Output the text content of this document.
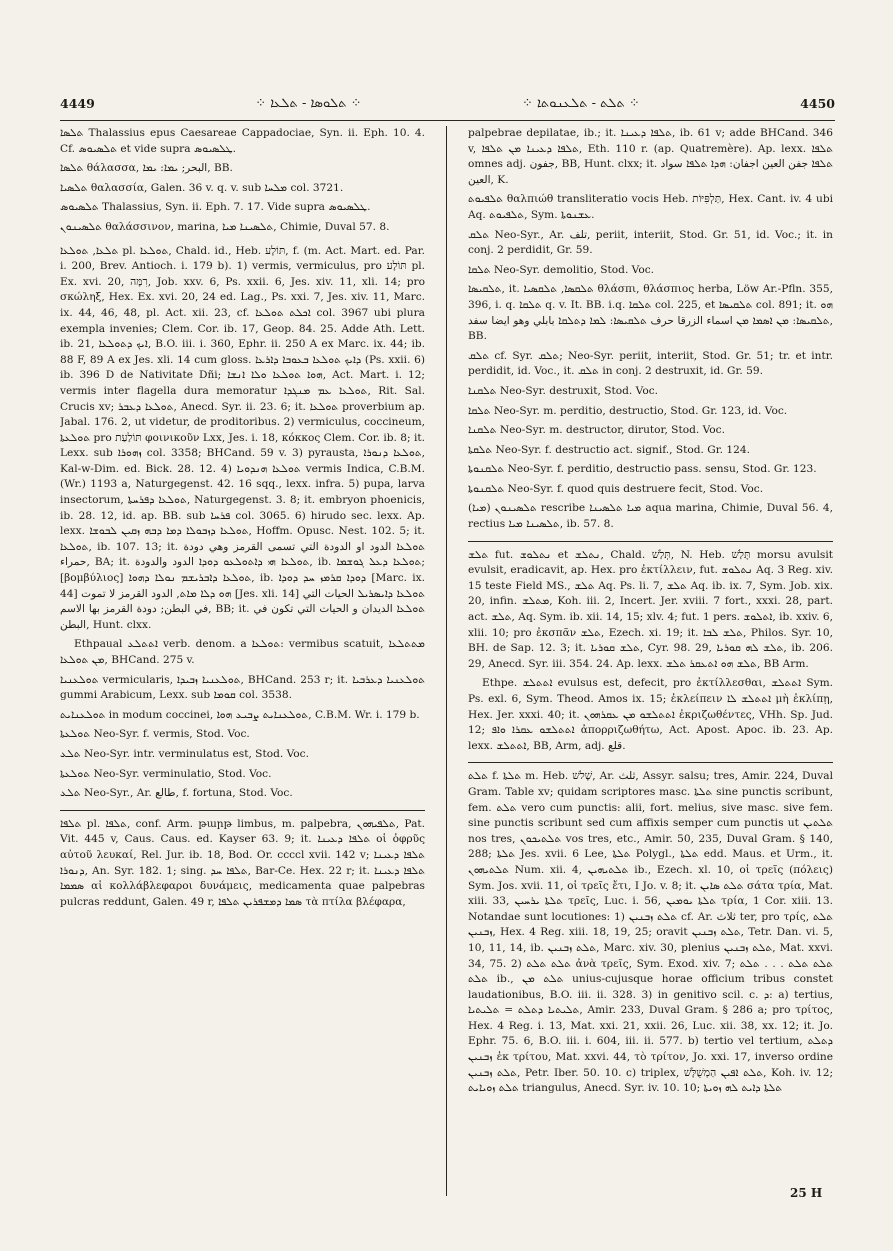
4449	⁘ ܬܠܘܣܐ - ܬܠܥܐ ⁘	⁘ ܬܠܬ - ܬܠܥܢܘܬܐ ⁘	4450

ܬܠܣܐ Thalassius epus Caesareae Cappadociae, Syn. ii. Eph. 10. 4. Cf. ܬܠܣܝܘܣ et vide supra ܛܠܣܝܘܣ.

ܬܠܣܐ θάλασσα, البحر; ܝܡܐ: ܝܡܐ, BB.

ܬܠܣܝܐ θαλασσία, Galen. 36 v. q. v. sub ܡܠܚܐ col. 3721.

ܬܠܣܝܘܣ Thalassius, Syn. ii. Eph. 7. 17. Vide supra ܛܠܣܝܘܣ.

ܬܠܣܝܢܘܢ θαλάσσινον, marina, ܬܠܣܝܢܐ ܡܝܐ, Chimie, Duval 57. 8.

ܬܠܥܐ, ܬܘܠܥܐ pl. ܬܘܠܥܐ, Chald. id., Heb. תּוֹלָע, f. (m. Act. Mart. ed. Par. i. 200, Brev. Antioch. i. 179 b). 1) vermis, vermiculus, pro תּוֹלָע pl. Ex. xvi. 20, רִמָּה, Job. xxv. 6, Ps. xxii. 6, Jes. xiv. 11, xli. 14; pro σκώληξ, Hex. Ex. xvi. 20, 24 ed. Lag., Ps. xxi. 7, Jes. xiv. 11, Marc. ix. 44, 46, 48, pl. Act. xii. 23, cf. ܐܟܠܬ ܬܘܠܥܐ col. 3967 ubi plura exempla invenies; Clem. Cor. ib. 17, Geop. 84. 25. Adde Ath. Lett. ib. 21, ܐܝܟ ܕܬܘܠܥܐ, B.O. iii. i. 360, Ephr. ii. 250 A ex Marc. ix. 44; ib. 88 F, 89 A ex Jes. xli. 14 cum gloss. ܕܐܝܟ ܬܘܠܥܐ ܒܥܘܒܐ ܕܐܪܥܐ (Ps. xxii. 6) ib. 396 D de Nativitate Dñi; ܗܘܐ ܬܘܠܥܐ ܘܠܐ ܐܢܫܐ, Act. Mart. i. 12; vermis inter flagella dura memoratur ܬܘܠܥܐ ܥܡ ܡܢܓܕܐ, Rit. Sal. Crucis xv; ܬܘܠܥܐ ܕܥܒܪ, Anecd. Syr. ii. 23. 6; it. ܬܘܠܥܐ proverbium ap. Jabal. 176. 2, ut videtur, de proditoribus. 2) vermiculus, coccineum, ܬܘܠܥܬܐ pro תּוֹלַעַת φοινικοῦν Lxx, Jes. i. 18, κόκκος Clem. Cor. ib. 8; it. Lexx. sub ܙܗܘܪܐ col. 3358; BHCand. 59 v. 3) pyrausta, ܬܘܠܥܐ ܕܢܘܪܐ, Kal-w-Dim. ed. Bick. 28. 12. 4) ܬܘܠܥܐ ܗܢܕܘܝܐ vermis Indica, C.B.M. (Wr.) 1193 a, Naturgegenst. 42. 16 sqq., lexx. infra. 5) pupa, larva insectorum, ܬܘܠܥܐ ܕܦܪܚܬܐ, Naturgegenst. 3. 8; it. embryon phoenicis, ib. 28. 12, id. ap. BB. sub ܦܪܚܐ col. 3065. 6) hirudo sec. lexx. Ap. lexx. ܬܘܠܥܐ ܕܙܒܘܠܐ ܕܡܐ ܕܒܗ ܙܩܝܢ ܠܒܘܫܐ, Hoffm. Opusc. Nest. 102. 5; it. ܬܘܠܥܐ, ib. 107. 13; it. ܬܘܠܥܐ الدود او الدودة التي تسمى القرمز وهي دودة حمراء, BA; it. ܬܘܠܥܐ ܗܝ ܕܐܬܘܠܥܘ ܕܘܕܐ الدود والدودة, ib. ܬܘܠܥܐ ܕܥܠ ܓܘܫܡܐ; [βομβύλιος] ܬܘܠܥܐ ܕܐܒܪܝܫܡ ܢܘܠܐ ܕܗܘܐ, ib. ܕܘܕܐ ܩܪܡܙ ܚܕ ܕܘܕܐ [Marc. ix. 44] ܗܘ ܕܠܐ ܡܐܬ, الدود القرمز لا تموت [Jes. xli. 14] ܬܘܠܥܐ ܕܐܝܣܪܝܠ الحيات التي في البطن; دودة القرمز بها الاسم, BB; it. ܬܘܠܥܐ الديدان و الحيات التي تكون في البطن, Hunt. clxx.

Ethpaual ܐܬܬܠܥ verb. denom. a ܬܘܠܥܐ: vermibus scatuit, ܡܬܬܠܥܐ ܡܢ ܬܘܠܥܐ, BHCand. 275 v.

ܬܘܠܥܢܝܐ vermicularis, ܬܘܠܥܢܝܐ ܙܒܝܕܐ, BHCand. 253 r; it. ܬܘܠܥܢܝܐ ܕܥܪܒܝܐ gummi Arabicum, Lexx. sub ܩܘܡܐ col. 3538.

ܬܘܠܥܢܐܝܬ in modum coccinei, ܬܘܠܥܢܐܝܬ ܨܒܝܥ ܗܘܐ, C.B.M. Wr. i. 179 b.

ܬܘܠܥܬܐ Neo-Syr. f. vermis, Stod. Voc.

ܬܠܥ Neo-Syr. intr. verminulatus est, Stod. Voc.

ܬܘܠܥܬܐ Neo-Syr. verminulatio, Stod. Voc.

ܬܠܥ Neo-Syr., Ar. طالع, f. fortuna, Stod. Voc.

ܬܠܦܐ pl. ܬܠܦܐ, conf. Arm. թարթ limbus, m. palpebra, ܬܠܦܝܗܘܢ, Pat. Vit. 445 v, Caus. Caus. ed. Kayser 63. 9; it. ܬܠܦܐ ܕܥܝܢܐ οἱ ὀφρῦς αὐτοῦ λευκαί, Rel. Jur. ib. 18, Bod. Or. ccccl xvii. 142 v; ܬܠܦܐ ܕܥܝܢܐ ܕܢܘܪܐ, An. Syr. 182. 1; sing. ܬܠܦܐ ܚܕ, Bar-Ce. Hex. 22 r; it. ܬܠܦܐ ܕܥܝܢܐ ܣܡܡܐ αἱ κολλάβλεφαροι δυνάμεις, medicamenta quae palpebras pulcras reddunt, Galen. 49 r, ܣܡܐ ܕܡܫܦܪܝܢ ܬܠܦܐ τὰ πτίλα βλέφαρα,

palpebrae depilatae, ib.; it. ܬܠܦܐ ܕܥܝܢܐ, ib. 61 v; adde BHCand. 346 v, ܬܠܦܐ ܕܥܝܢܐ ܡܢ ܬܠܦܐ, Eth. 110 r. (ap. Quatremère). Ap. lexx. ܬܠܦܐ omnes adj. جفون, BB, Hunt. clxx; it. ܬܠܦܐ جفن العين اجفان: ܗܕܐ ܬܠܦܐ سواد العين, K.

ܬܠܦܝܘܬ θαλπιώθ transliteratio vocis Heb. תַּלְפִּיּוֹת, Hex. Cant. iv. 4 ubi Aq. ܬܠܦܝܘܬ, Sym. ܥܫܢܘܬܐ.

ܬܠܩ Neo-Syr., Ar. تلف, periit, interiit, Stod. Gr. 51, id. Voc.; it. in conj. 2 perdidit, Gr. 59.

ܬܠܩܐ Neo-Syr. demolitio, Stod. Voc.

ܬܠܩܝܣܐ, it. ܬܠܩܣܐ, ܬܠܩܣܝܐ θλάσπι, θλάσπιος herba, Löw Ar.-Pfln. 355, 396, i. q. ܬܠܩܐ q. v. It. BB. i.q. ܬܠܩܐ col. 225, et ܬܠܩܝܣܐ col. 891; it. ܗܘ ܬܠܩܝܣܐ: ܡܢ ܐܣܡܐ ܡܢ اسماء الزرقا حرف ܬܠܩܝܣܐ: ܠܡܐ ܕܬܠܩܐ بابلي وهو ايضا سفد, BB.

ܬܠܩ cf. Syr. ܬܠܩ; Neo-Syr. periit, interiit, Stod. Gr. 51; tr. et intr. perdidit, id. Voc., it. ܬܠܩ in conj. 2 destruxit, id. Gr. 59.

ܬܠܩܢܐ Neo-Syr. destruxit, Stod. Voc.

ܬܠܩܐ Neo-Syr. m. perditio, destructio, Stod. Gr. 123, id. Voc.

ܬܠܩܢܐ Neo-Syr. m. destructor, dirutor, Stod. Voc.

ܬܠܩܬܐ Neo-Syr. f. destructio act. signif., Stod. Gr. 124.

ܬܠܩܢܘܬܐ Neo-Syr. f. perditio, destructio pass. sensu, Stod. Gr. 123.

ܬܠܩܢܘܬܐ Neo-Syr. f. quod quis destruere fecit, Stod. Voc.

(ܡܝܐ) ܬܠܣܝܢܘܢ rescribe ܡܝܐ ܬܠܣܝܢܐ aqua marina, Chimie, Duval 56. 4, rectius ܬܠܣܝܢܐ ܡܝܐ, ib. 57. 8.

ܬܠܫ fut. ܢܬܠܘܫ et ܢܬܠܫ, Chald. תְּלַשׁ, N. Heb. תָּלַשׁ morsu avulsit evulsit, eradicavit, ap. Hex. pro ἐκτίλλειν, fut. ܢܬܠܘܫ Aq. 3 Reg. xiv. 15 teste Field MS., ܬܠܫ Aq. Ps. li. 7, ܬܠܫ Aq. ib. ix. 7, Sym. Job. xix. 20, infin. ܡܬܠܫ, Koh. iii. 2, Incert. Jer. xviii. 7 fort., xxxi. 28, part. act. ܬܠܫ, Aq. Sym. ib. xii. 14, 15; xlv. 4; fut. 1 pers. ܐܬܠܘܫ, ib. xxiv. 6, xlii. 10; pro ἐκσπᾶν ܬܠܫ, Ezech. xi. 19; it. ܬܠܫ ܠܒܐ, Philos. Syr. 10, BH. de Sap. 12. 3; it. ܬܠܫ ܩܘܪܝܐ, Cyr. 98. 29, ܬܠܫ ܠܗ ܩܘܪܝܐ, ib. 206. 29, Anecd. Syr. iii. 354. 24. Ap. lexx. ܬܠܫ ܗܘ ܐܬܥܩܪ ܬܠܫ, BB Arm.

Ethpe. ܐܬܬܠܫ evulsus est, defecit, pro ἐκτίλλεσθαι, ܐܬܬܠܫ Sym. Ps. exl. 6, Sym. Theod. Amos ix. 15; ἐκλείπειν ܐܬܬܠܫ ܠܐ μὴ ἐκλίπῃ, Hex. Jer. xxxi. 40; it. ܐܬܬܠܫܘ ܡܢ ܥܩܪܗܘܢ ἐκριζωθέντες, VHh. Sp. Jud. 12; ܐܬܬܠܫܘ ܥܩܪܐ ܘܐܦ ἀπορριζωθήτω, Act. Apost. Apoc. ib. 23. Ap. lexx. ܐܬܬܠܫ, BB, Arm, adj. قلع.

ܬܠܬ f. ܬܠܬܐ m. Heb. שָׁלשׁ, Ar. ثلث, Assyr. salsu; tres, Amir. 224, Duval Gram. Table xv; quidam scriptores masc. ܬܠܬܐ sine punctis scribunt, fem. ܬܠܬ vero cum punctis: alii, fort. melius, sive masc. sive fem. sine punctis scribunt sed cum affixis semper cum punctis ut ܬܠܬܝܢ nos tres, ܬܠܬܝܟܘܢ vos tres, etc., Amir. 50, 235, Duval Gram. § 140, 288; ܬܠܬܐ Jes. xvii. 6 Lee, ܬܠܬܐ Polygl., ܬܠܬܐ edd. Maus. et Urm., it. ܬܠܬܝܗܘܢ Num. xii. 4, ܬܠܬܝܗܝܢ ib., Ezech. xl. 10, οἱ τρεῖς (πόλεις) Sym. Jos. xvii. 11, οἱ τρεῖς ἔτι, I Jo. v. 8; it. ܬܠܬ ܣܐܝܢ σάτα τρία, Mat. xiii. 33, ܬܠܬܐ ܝܪܚܝܢ τρεῖς, Luc. i. 56, ܬܠܬܐ ܝܘܡܝܢ τρία, 1 Cor. xiii. 13. Notandae sunt locutiones: 1) ܬܠܬ ܙܒܢܝܢ cf. Ar. ثلاث ter, pro τρίς, ܬܠܬ ܙܒܢܝܢ, Hex. 4 Reg. xiii. 18, 19, 25; oravit ܬܠܬ ܙܒܢܝܢ, Tetr. Dan. vi. 5, 10, 11, 14, ib. ܬܠܬ ܙܒܢܝܢ, Marc. xiv. 30, plenius ܬܠܬ ܙܒܢܝܢ, Mat. xxvi. 34, 75. 2) ܬܠܬ ܬܠܬ ἀνὰ τρεῖς, Sym. Exod. xiv. 7; ܬܠܬ ܬܠܬ . . . ܬܠܬ ܬܠܬ ib., ܬܠܬ ܡܢ unius-cujusque horae officium tribus constet laudationibus, B.O. iii. ii. 328. 3) in genitivo scil. c. ܕ: a) tertius, ܬܠܝܬܝܐ ܕܬܠܬ = ܬܠܝܬܝܐ, Amir. 233, Duval Gram. § 286 a; pro τρίτος, Hex. 4 Reg. i. 13, Mat. xxi. 21, xxii. 26, Luc. xii. 38, xx. 12; it. Jo. Ephr. 75. 6, B.O. iii. i. 604, iii. ii. 577. b) tertio vel tertium, ܕܬܠܬ ܙܒܢܝܢ ἐκ τρίτου, Mat. xxvi. 44, τὸ τρίτον, Jo. xxi. 17, inverso ordine ܬܠܬ ܙܒܢܝܢ, Petr. Iber. 50. 10. c) triplex, ܬܠܬ ܐܦܝܢ הַמְשֻׁלָּשׁ, Koh. iv. 12; ܬܠܬ ܙܘܝܐܝܬ triangulus, Anecd. Syr. iv. 10. 10; ܬܠܬܐ ܕܐܝܬ ܠܗ ܙܘܝܬܐ

25 H
